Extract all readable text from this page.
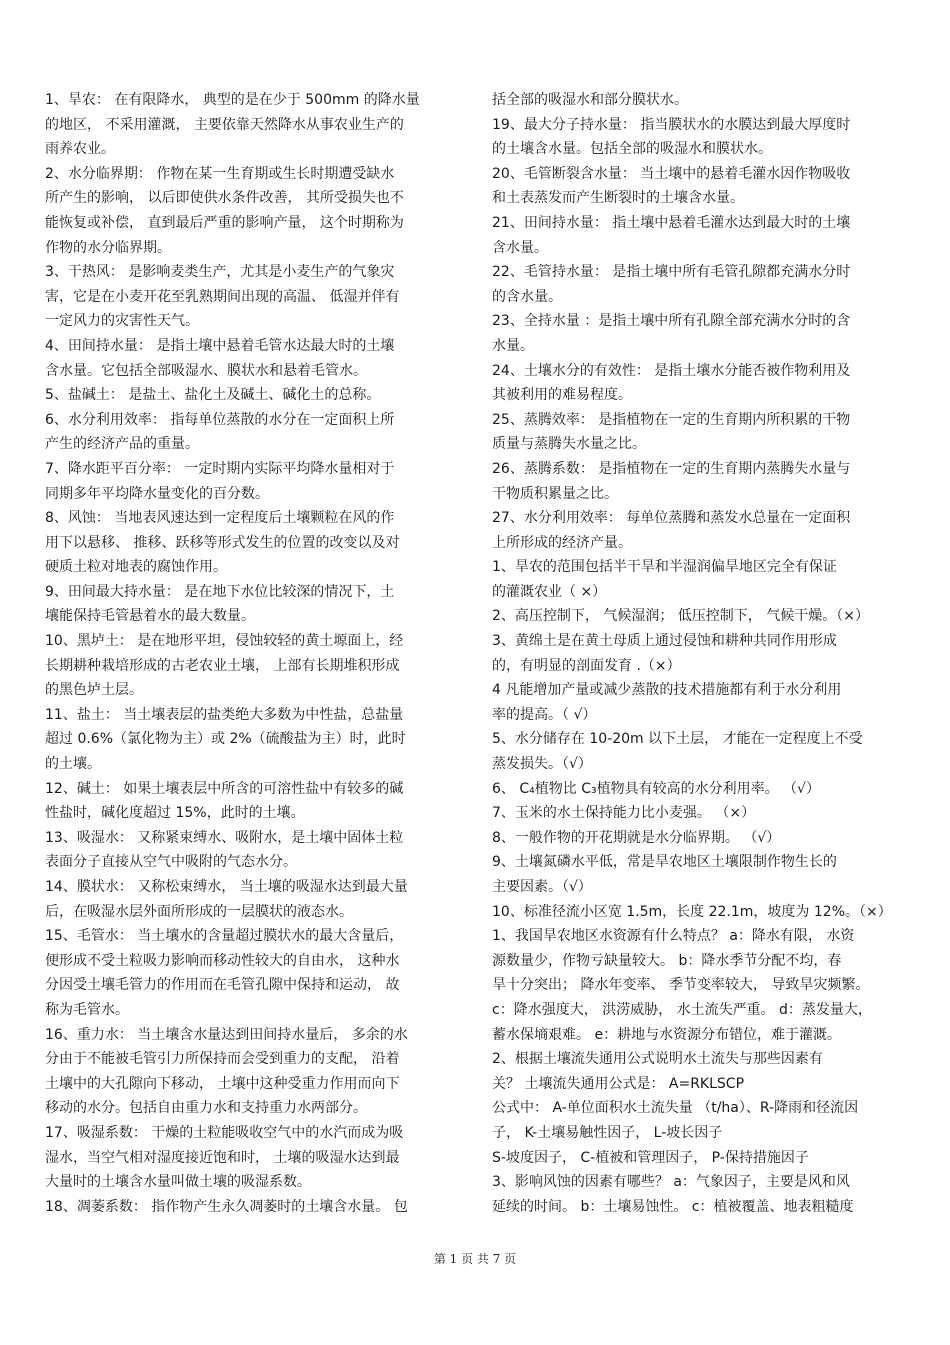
1、旱农： 在有限降水， 典型的是在少于 500mm 的降水量
的地区， 不采用灌溉， 主要依靠天然降水从事农业生产的
雨养农业。
2、水分临界期： 作物在某一生育期或生长时期遭受缺水
所产生的影响， 以后即使供水条件改善， 其所受损失也不
能恢复或补偿， 直到最后严重的影响产量， 这个时期称为
作物的水分临界期。
3、干热风： 是影响麦类生产，尤其是小麦生产的气象灾
害，它是在小麦开花至乳熟期间出现的高温、 低湿并伴有
一定风力的灾害性天气。
4、田间持水量： 是指土壤中悬着毛管水达最大时的土壤
含水量。它包括全部吸湿水、膜状水和悬着毛管水。
5、盐碱土： 是盐土、盐化土及碱土、碱化土的总称。
6、水分利用效率： 指每单位蒸散的水分在一定面积上所
产生的经济产品的重量。
7、降水距平百分率： 一定时期内实际平均降水量相对于
同期多年平均降水量变化的百分数。
8、风蚀： 当地表风速达到一定程度后土壤颗粒在风的作
用下以悬移、 推移、跃移等形式发生的位置的改变以及对
硬质土粒对地表的腐蚀作用。
9、田间最大持水量： 是在地下水位比较深的情况下，土
壤能保持毛管悬着水的最大数量。
10、黑垆土： 是在地形平坦，侵蚀较轻的黄土塬面上，经
长期耕种栽培形成的古老农业土壤， 上部有长期堆积形成
的黑色垆土层。
11、盐土： 当土壤表层的盐类绝大多数为中性盐，总盐量
超过 0.6%（氯化物为主）或 2%（硫酸盐为主）时，此时
的土壤。
12、碱土： 如果土壤表层中所含的可溶性盐中有较多的碱
性盐时，碱化度超过 15%，此时的土壤。
13、吸湿水： 又称紧束缚水、吸附水，是土壤中固体土粒
表面分子直接从空气中吸附的气态水分。
14、膜状水： 又称松束缚水， 当土壤的吸湿水达到最大量
后，在吸湿水层外面所形成的一层膜状的液态水。
15、毛管水： 当土壤水的含量超过膜状水的最大含量后，
便形成不受土粒吸力影响而移动性较大的自由水， 这种水
分因受土壤毛管力的作用而在毛管孔隙中保持和运动， 故
称为毛管水。
16、重力水： 当土壤含水量达到田间持水量后， 多余的水
分由于不能被毛管引力所保持而会受到重力的支配， 沿着
土壤中的大孔隙向下移动， 土壤中这种受重力作用而向下
移动的水分。包括自由重力水和支持重力水两部分。
17、吸湿系数： 干燥的土粒能吸收空气中的水汽而成为吸
湿水，当空气相对湿度接近饱和时， 土壤的吸湿水达到最
大量时的土壤含水量叫做土壤的吸湿系数。
18、凋萎系数： 指作物产生永久凋萎时的土壤含水量。 包
括全部的吸湿水和部分膜状水。
19、最大分子持水量： 指当膜状水的水膜达到最大厚度时
的土壤含水量。包括全部的吸湿水和膜状水。
20、毛管断裂含水量： 当土壤中的悬着毛灌水因作物吸收
和土表蒸发而产生断裂时的土壤含水量。
21、田间持水量： 指土壤中悬着毛灌水达到最大时的土壤
含水量。
22、毛管持水量： 是指土壤中所有毛管孔隙都充满水分时
的含水量。
23、全持水量 ：是指土壤中所有孔隙全部充满水分时的含
水量。
24、土壤水分的有效性： 是指土壤水分能否被作物利用及
其被利用的难易程度。
25、蒸腾效率： 是指植物在一定的生育期内所积累的干物
质量与蒸腾失水量之比。
26、蒸腾系数： 是指植物在一定的生育期内蒸腾失水量与
干物质积累量之比。
27、水分利用效率： 每单位蒸腾和蒸发水总量在一定面积
上所形成的经济产量。
1、旱农的范围包括半干旱和半湿润偏旱地区完全有保证
的灌溉农业（ ×）
2、高压控制下， 气候湿润； 低压控制下， 气候干燥。（×）
3、黄绵土是在黄土母质上通过侵蚀和耕种共同作用形成
的，有明显的剖面发育 .（×）
4 凡能增加产量或减少蒸散的技术措施都有利于水分利用
率的提高。（ √）
5、水分储存在 10-20m 以下土层， 才能在一定程度上不受
蒸发损失。（√）
6、 C₄植物比 C₃植物具有较高的水分利用率。 （√）
7、玉米的水土保持能力比小麦强。 （×）
8、一般作物的开花期就是水分临界期。 （√）
9、土壤氮磷水平低，常是旱农地区土壤限制作物生长的
主要因素。（√）
10、标准径流小区宽 1.5m，长度 22.1m，坡度为 12%。（×）
1、我国旱农地区水资源有什么特点？ a：降水有限， 水资
源数量少，作物亏缺量较大。 b：降水季节分配不均，春
旱十分突出； 降水年变率、 季节变率较大， 导致旱灾频繁。
c：降水强度大， 洪涝威胁， 水土流失严重。 d：蒸发量大，
蓄水保墒艰难。 e：耕地与水资源分布错位，难于灌溉。
2、根据土壤流失通用公式说明水土流失与那些因素有
关？ 土壤流失通用公式是： A=RKLSCP
公式中： A-单位面积水土流失量 （t/ha）、R-降雨和径流因
子， K-土壤易触性因子， L-坡长因子
S-坡度因子， C-植被和管理因子， P-保持措施因子
3、影响风蚀的因素有哪些？ a：气象因子，主要是风和风
延续的时间。 b：土壤易蚀性。 c：植被覆盖、地表粗糙度
第 1 页 共 7 页
